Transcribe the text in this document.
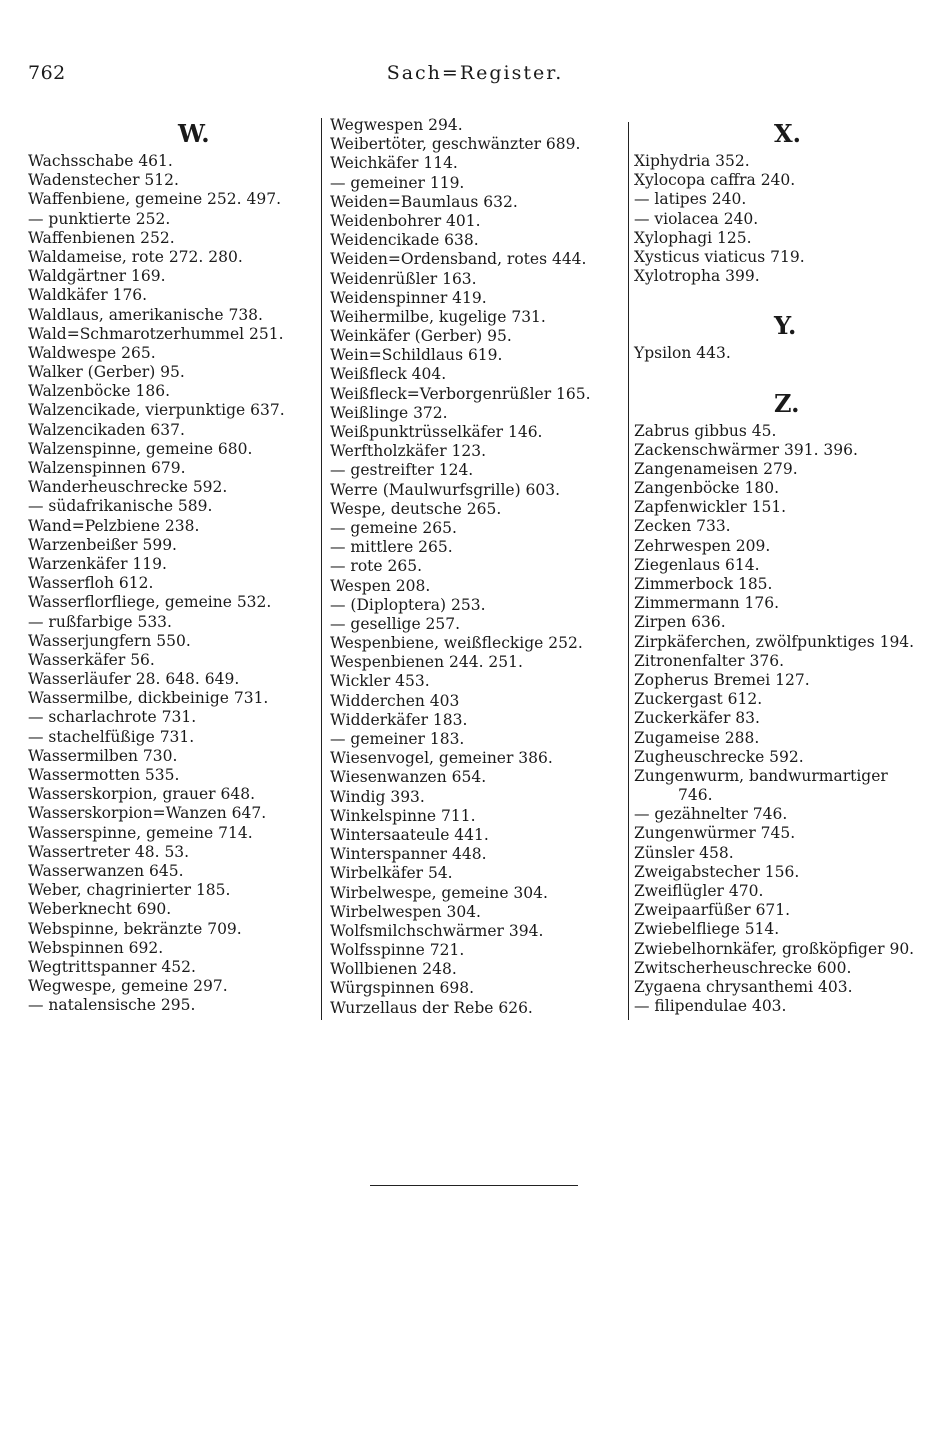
762	Sach=Register.
W.
Wachsschabe 461.
Wadenstecher 512.
Waffenbiene, gemeine 252. 497.
— punktierte 252.
Waffenbienen 252.
Waldameise, rote 272. 280.
Waldgärtner 169.
Waldkäfer 176.
Waldlaus, amerikanische 738.
Wald=Schmarotzerhummel 251.
Waldwespe 265.
Walker (Gerber) 95.
Walzenböcke 186.
Walzencikade, vierpunktige 637.
Walzencikaden 637.
Walzenspinne, gemeine 680.
Walzenspinnen 679.
Wanderheuschrecke 592.
— südafrikanische 589.
Wand=Pelzbiene 238.
Warzenbeißer 599.
Warzenkäfer 119.
Wasserfloh 612.
Wasserflorfliege, gemeine 532.
— rußfarbige 533.
Wasserjungfern 550.
Wasserkäfer 56.
Wasserläufer 28. 648. 649.
Wassermilbe, dickbeinige 731.
— scharlachrote 731.
— stachelfüßige 731.
Wassermilben 730.
Wassermotten 535.
Wasserskorpion, grauer 648.
Wasserskorpion=Wanzen 647.
Wasserspinne, gemeine 714.
Wassertreter 48. 53.
Wasserwanzen 645.
Weber, chagrinierter 185.
Weberknecht 690.
Webspinne, bekränzte 709.
Webspinnen 692.
Wegtrittspanner 452.
Wegwespe, gemeine 297.
— natalensische 295.
Wegwespen 294.
Weibertöter, geschwänzter 689.
Weichkäfer 114.
— gemeiner 119.
Weiden=Baumlaus 632.
Weidenbohrer 401.
Weidencikade 638.
Weiden=Ordensband, rotes 444.
Weidenrüßler 163.
Weidenspinner 419.
Weihermilbe, kugelige 731.
Weinkäfer (Gerber) 95.
Wein=Schildlaus 619.
Weißfleck 404.
Weißfleck=Verborgenrüßler 165.
Weißlinge 372.
Weißpunktrüsselkäfer 146.
Werftholzkäfer 123.
— gestreifter 124.
Werre (Maulwurfsgrille) 603.
Wespe, deutsche 265.
— gemeine 265.
— mittlere 265.
— rote 265.
Wespen 208.
— (Diploptera) 253.
— gesellige 257.
Wespenbiene, weißfleckige 252.
Wespenbienen 244. 251.
Wickler 453.
Widderchen 403
Widderkäfer 183.
— gemeiner 183.
Wiesenvogel, gemeiner 386.
Wiesenwanzen 654.
Windig 393.
Winkelspinne 711.
Wintersaateule 441.
Winterspanner 448.
Wirbelkäfer 54.
Wirbelwespe, gemeine 304.
Wirbelwespen 304.
Wolfsmilchschwärmer 394.
Wolfsspinne 721.
Wollbienen 248.
Würgspinnen 698.
Wurzellaus der Rebe 626.
X.
Xiphydria 352.
Xylocopa caffra 240.
— latipes 240.
— violacea 240.
Xylophagi 125.
Xysticus viaticus 719.
Xylotropha 399.
Y.
Ypsilon 443.
Z.
Zabrus gibbus 45.
Zackenschwärmer 391. 396.
Zangenameisen 279.
Zangenböcke 180.
Zapfenwickler 151.
Zecken 733.
Zehrwespen 209.
Ziegenlaus 614.
Zimmerbock 185.
Zimmermann 176.
Zirpen 636.
Zirpkäferchen, zwölfpunktiges 194.
Zitronenfalter 376.
Zopherus Bremei 127.
Zuckergast 612.
Zuckerkäfer 83.
Zugameise 288.
Zugheuschrecke 592.
Zungenwurm, bandwurmartiger
746.
— gezähnelter 746.
Zungenwürmer 745.
Zünsler 458.
Zweigabstecher 156.
Zweiflügler 470.
Zweipaarfüßer 671.
Zwiebelfliege 514.
Zwiebelhornkäfer, großköpfiger 90.
Zwitscherheuschrecke 600.
Zygaena chrysanthemi 403.
— filipendulae 403.
